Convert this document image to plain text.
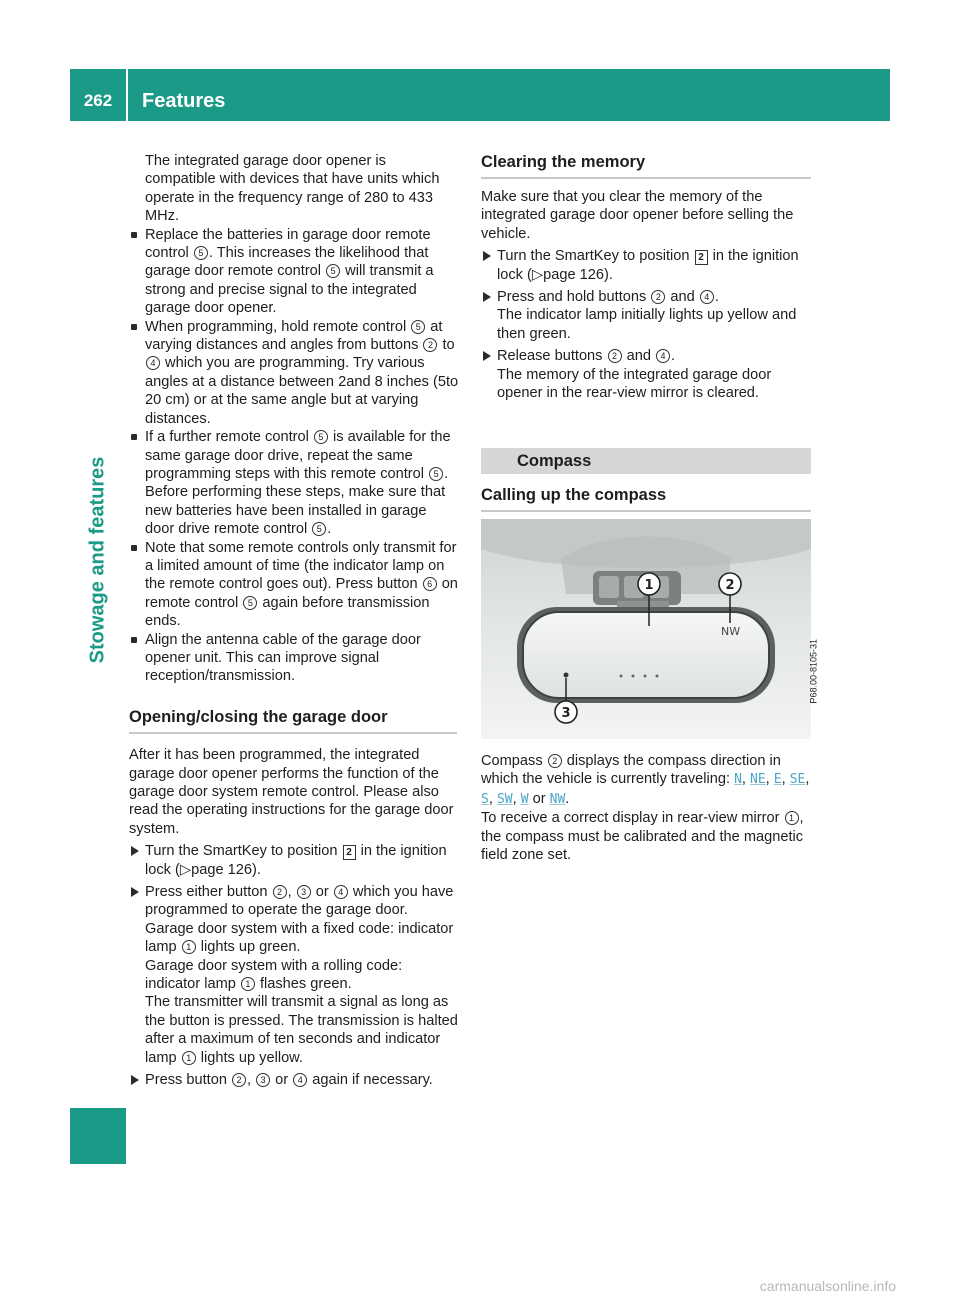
262	Features
Stowage and features

The integrated garage door opener is compatible with devices that have units which operate in the frequency range of 280 to 433 MHz.

Replace the batteries in garage door remote control 5 . This increases the likelihood that garage door remote control 5 will transmit a strong and precise signal to the integrated garage door opener.

When programming, hold remote control 5 at varying distances and angles from buttons 2 to 4 which you are programming. Try various angles at a distance between 2and 8 inches (5to 20 cm) or at the same angle but at varying distances.

If a further remote control 5 is available for the same garage door drive, repeat the same programming steps with this remote control 5 . Before performing these steps, make sure that new batteries have been installed in garage door drive remote control 5 .

Note that some remote controls only transmit for a limited amount of time (the indicator lamp on the remote control goes out). Press button 6 on remote control 5 again before transmission ends.

Align the antenna cable of the garage door opener unit. This can improve signal reception/transmission.

Opening/closing the garage door

After it has been programmed, the integrated garage door opener performs the function of the garage door system remote control. Please also read the operating instructions for the garage door system.

Turn the SmartKey to position 2 in the ignition lock (▷page 126).

Press either button 2 , 3 or 4 which you have programmed to operate the garage door.

Garage door system with a fixed code: indicator lamp 1 lights up green.

Garage door system with a rolling code: indicator lamp 1 flashes green.

The transmitter will transmit a signal as long as the button is pressed. The transmission is halted after a maximum of ten seconds and indicator lamp 1 lights up yellow.

Press button 2 , 3 or 4 again if necessary.

Clearing the memory

Make sure that you clear the memory of the integrated garage door opener before selling the vehicle.

Turn the SmartKey to position 2 in the ignition lock (▷page 126).

Press and hold buttons 2 and 4 .
The indicator lamp initially lights up yellow and then green.

Release buttons 2 and 4 .
The memory of the integrated garage door opener in the rear-view mirror is cleared.

Compass
Calling up the compass
NW
1	2
3
P68.00-8105-31

Compass 2 displays the compass direction in which the vehicle is currently traveling: N, NE, E, SE, S, SW, W or NW.

To receive a correct display in rear-view mirror 1 , the compass must be calibrated and the magnetic field zone set.

carmanualsonline.info
